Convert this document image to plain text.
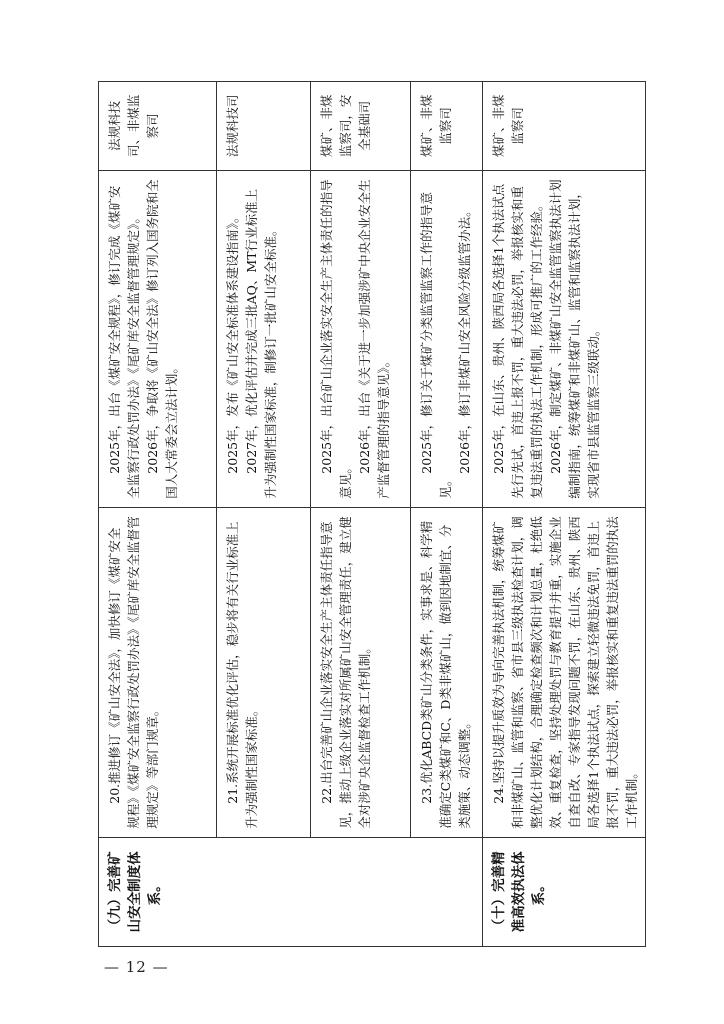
（九）完善矿山安全制度体系。	20.推进修订《矿山安全法》，加快修订《煤矿安全规程》《煤矿安全监察行政处罚办法》《尾矿库安全监督管理规定》等部门规章。	2025年，出台《煤矿安全规程》，修订完成《煤矿安全监察行政处罚办法》《尾矿库安全监督管理规定》。 2026年，争取将《矿山安全法》修订列入国务院和全国人大常委会立法计划。	法规科技司、非煤监察司
	21.系统开展标准优化评估，稳步将有关行业标准上升为强制性国家标准。	2025年，发布《矿山安全标准体系建设指南》。 2027年，优化评估并完成三批AQ、MT行业标准上升为强制性国家标准，制修订一批矿山安全标准。	法规科技司
	22.出台完善矿山企业落实安全生产主体责任指导意见，推动上级企业落实对所属矿山安全管理责任，建立健全对涉矿央企监督检查工作机制。	2025年，出台矿山企业落实安全生产主体责任的指导意见。
2026年，出台《关于进一步加强涉矿中央企业安全生产监督管理的指导意见》。	煤矿、非煤监察司，安全基础司
	23.优化ABCD类矿山分类条件，实事求是、科学精准确定C类煤矿和C、D类非煤矿山，做到因地制宜、分类施策、动态调整。	2025年，修订关于煤矿分类监管监察工作的指导意见。
2026年，修订非煤矿山安全风险分级监管办法。	煤矿、非煤监察司
（十）完善精准高效执法体系。	24.坚持以提升质效为导向完善执法机制，统筹煤矿和非煤矿山、监管和监察、省市县三级执法检查计划，调整优化计划结构，合理确定检查频次和计划总量，杜绝低效、重复检查，坚持处理处罚与教育提升并重，实施企业自查自改、专家指导发现问题不罚，在山东、贵州、陕西局各选择1个执法试点，探索建立轻微违法免罚，首违上报不罚，重大违法必罚，举报核实和重复违法重罚的执法工作机制。	2025年，在山东、贵州、陕西局各选择1个执法试点先行先试，首违上报不罚，重大违法必罚，举报核实和重复违法重罚的执法工作机制，形成可推广的工作经验。 2026年，制定煤矿、非煤矿山安全监管监察执法计划编制指南，统筹煤矿和非煤矿山、监管和监察执法计划，实现省市县监管监察三级联动。	煤矿、非煤监察司
— 12 —
